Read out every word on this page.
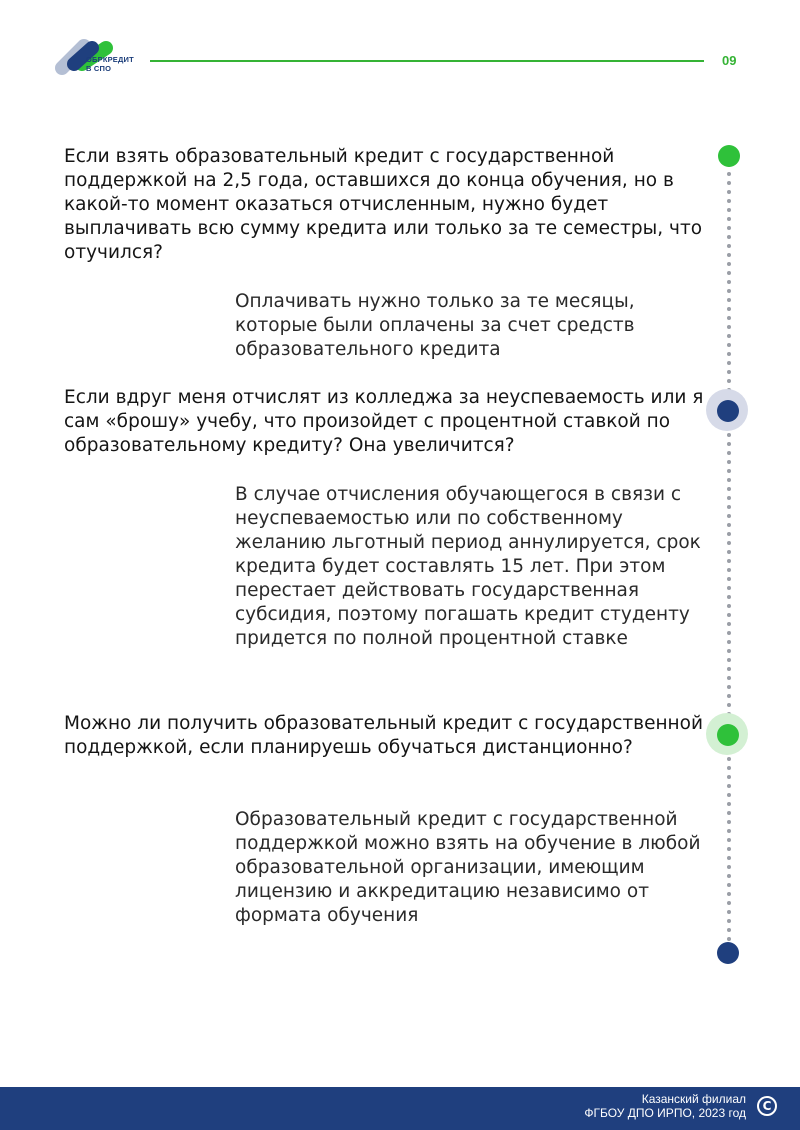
ОБРКРЕДИТ
В СПО
09
Если взять образовательный кредит с государственной поддержкой на 2,5 года, оставшихся до конца обучения, но в какой-то момент оказаться отчисленным, нужно будет выплачивать всю сумму кредита или только за те семестры, что отучился?
Оплачивать нужно только за те месяцы, которые были оплачены за счет средств образовательного кредита
Если вдруг меня отчислят из колледжа за неуспеваемость или я сам «брошу» учебу, что произойдет с процентной ставкой по образовательному кредиту? Она увеличится?
В случае отчисления обучающегося в связи с неуспеваемостью или по собственному желанию льготный период аннулируется, срок кредита будет составлять 15 лет. При этом перестает действовать государственная субсидия, поэтому погашать кредит студенту придется по полной процентной ставке
Можно ли получить образовательный кредит с государственной поддержкой, если планируешь обучаться дистанционно?
Образовательный кредит с государственной поддержкой можно взять на обучение в любой образовательной организации, имеющим лицензию и аккредитацию независимо от формата обучения
Казанский филиал
ФГБОУ ДПО ИРПО, 2023 год	C
